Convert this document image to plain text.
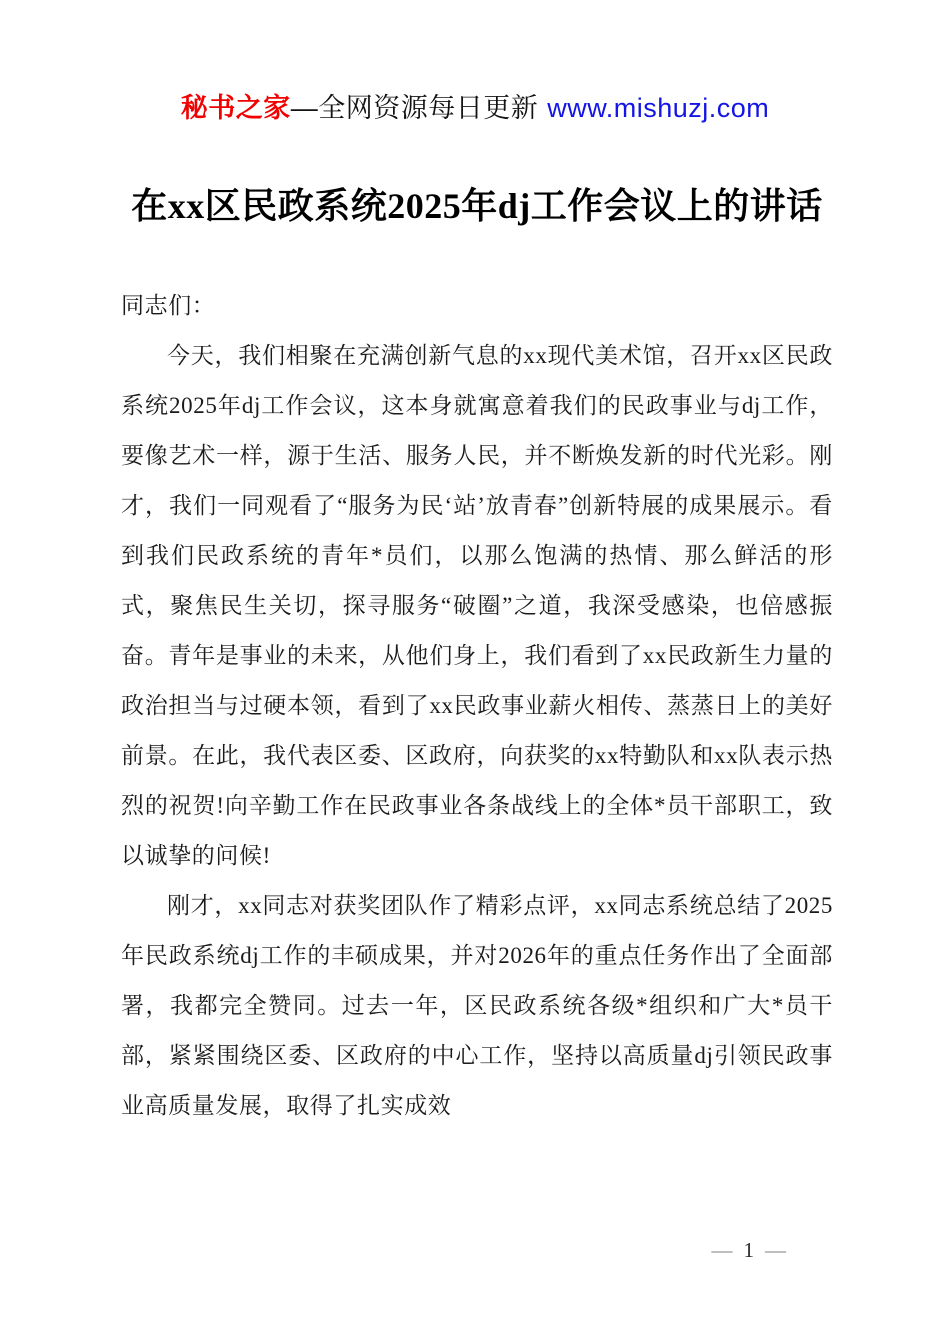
秘书之家—全网资源每日更新 www.mishuzj.com
在xx区民政系统2025年dj工作会议上的讲话

同志们：

今天，我们相聚在充满创新气息的xx现代美术馆，召开xx区民政系统2025年dj工作会议，这本身就寓意着我们的民政事业与dj工作，要像艺术一样，源于生活、服务人民，并不断焕发新的时代光彩。刚才，我们一同观看了“服务为民‘站’放青春”创新特展的成果展示。看到我们民政系统的青年*员们，以那么饱满的热情、那么鲜活的形式，聚焦民生关切，探寻服务“破圈”之道，我深受感染，也倍感振奋。青年是事业的未来，从他们身上，我们看到了xx民政新生力量的政治担当与过硬本领，看到了xx民政事业薪火相传、蒸蒸日上的美好前景。在此，我代表区委、区政府，向获奖的xx特勤队和xx队表示热烈的祝贺!向辛勤工作在民政事业各条战线上的全体*员干部职工，致以诚挚的问候!

刚才，xx同志对获奖团队作了精彩点评，xx同志系统总结了2025年民政系统dj工作的丰硕成果，并对2026年的重点任务作出了全面部署，我都完全赞同。过去一年，区民政系统各级*组织和广大*员干部，紧紧围绕区委、区政府的中心工作，坚持以高质量dj引领民政事业高质量发展，取得了扎实成效

— 1 —
